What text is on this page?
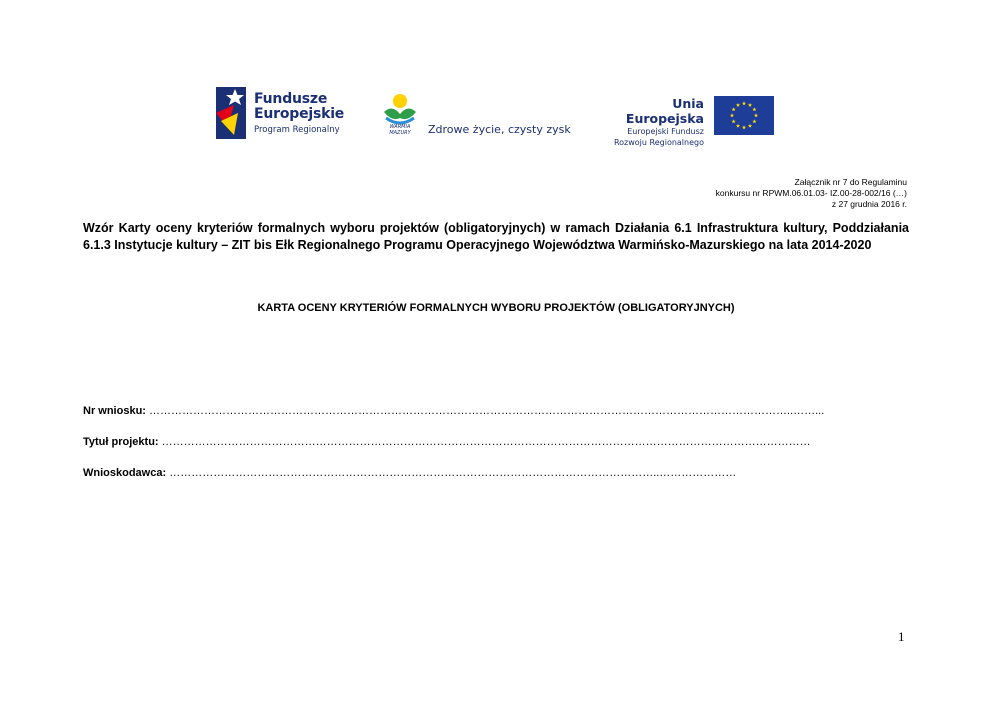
Fundusze
Europejskie
Program Regionalny	WARMIA
MAZURY Zdrowe życie, czysty zysk
Unia Europejska
Europejski Fundusz
Rozwoju Regionalnego
Załącznik nr 7 do Regulaminu
konkursu nr RPWM.06.01.03- IZ.00-28-002/16 (…)
z 27 grudnia 2016 r.
Wzór Karty oceny kryteriów formalnych wyboru projektów (obligatoryjnych) w ramach Działania 6.1 Infrastruktura kultury, Poddziałania 6.1.3 Instytucje kultury – ZIT bis Ełk Regionalnego Programu Operacyjnego Województwa Warmińsko-Mazurskiego na lata 2014-2020
KARTA OCENY KRYTERIÓW FORMALNYCH WYBORU PROJEKTÓW (OBLIGATORYJNYCH)
Nr wniosku: …………………………………………………………………………………………………………………………………………………………..……...
Tytuł projektu: ……………………………………………………………………………………………………………………………………………………………
Wnioskodawca: ……………………………………………………………………………………………………………………..…………………
1
